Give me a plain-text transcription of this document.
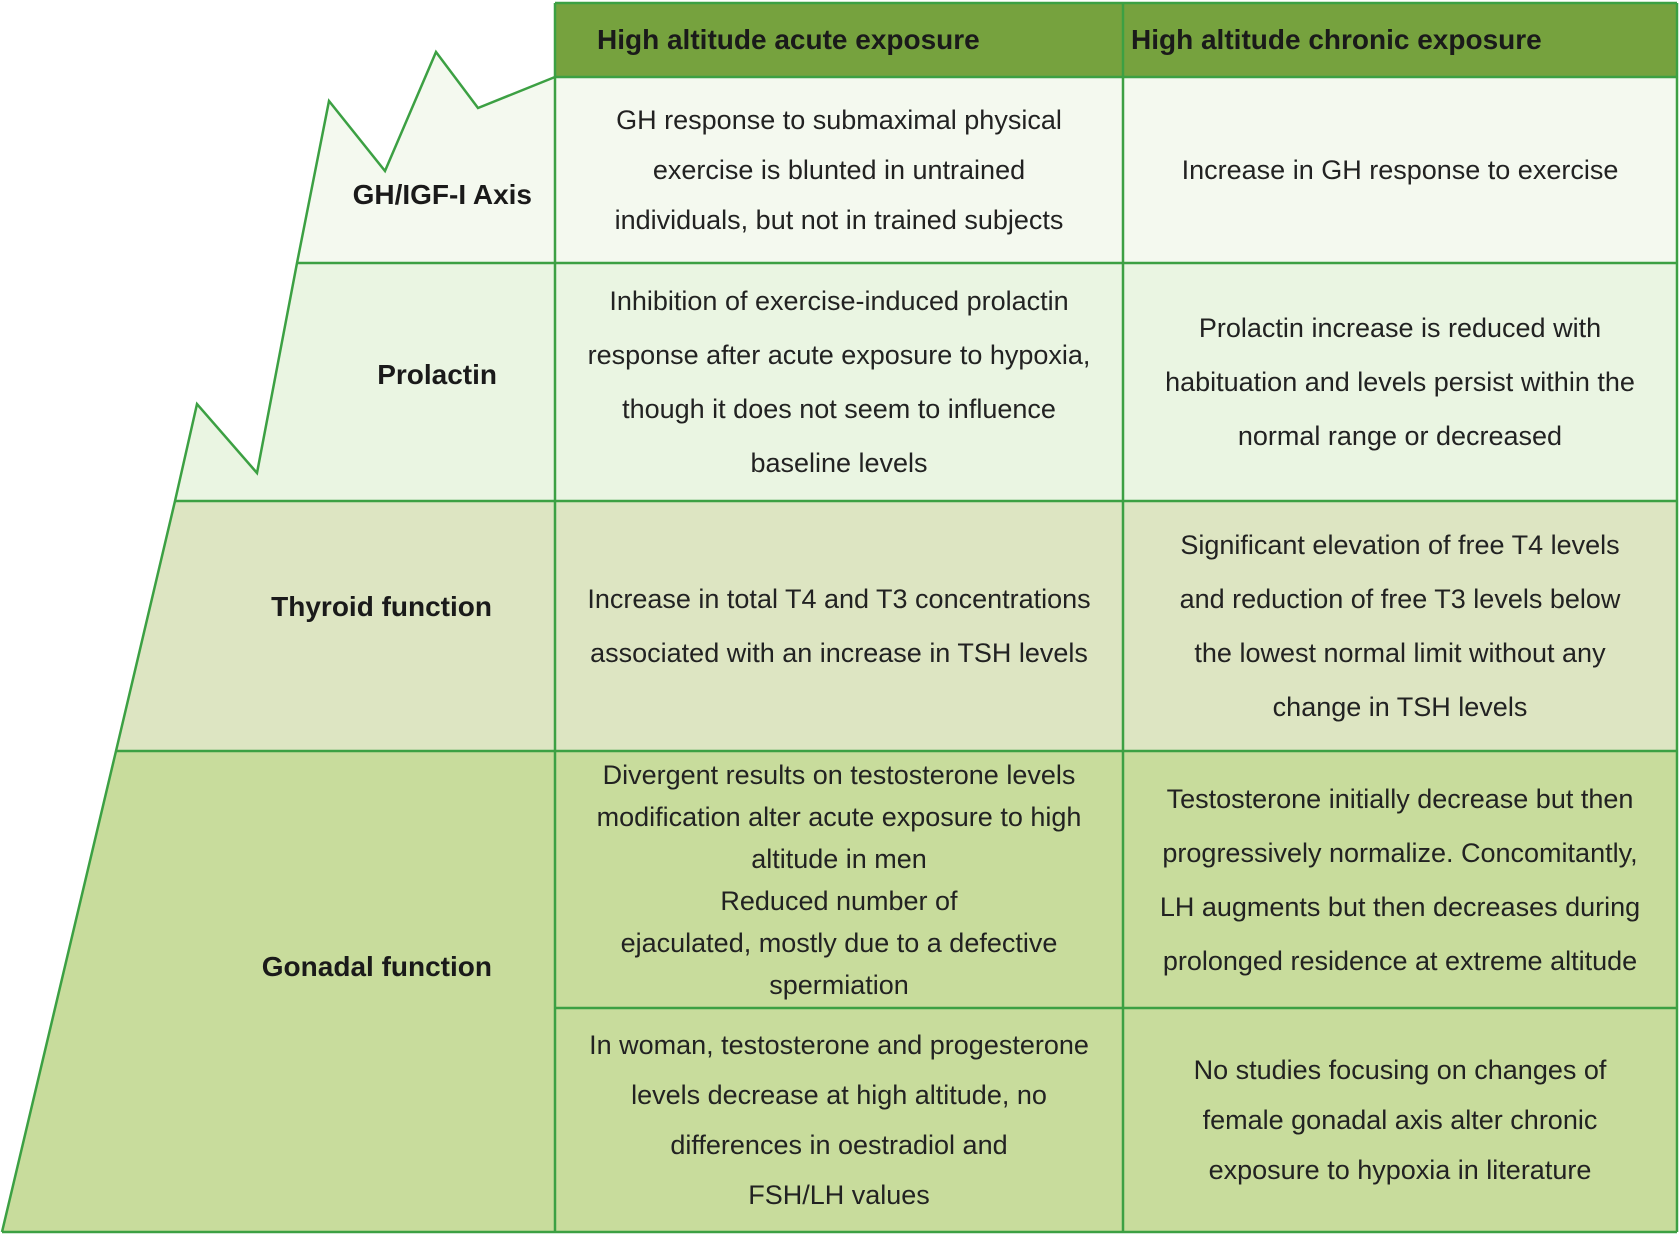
High altitude acute exposure	High altitude chronic exposure
GH/IGF-I Axis
Prolactin
Thyroid function
Gonadal function
GH response to submaximal physical
exercise is blunted in untrained
individuals, but not in trained subjects
Increase in GH response to exercise
Inhibition of exercise-induced prolactin
response after acute exposure to hypoxia,
though it does not seem to influence
baseline levels
Prolactin increase is reduced with
habituation and levels persist within the
normal range or decreased
Increase in total T4 and T3 concentrations
associated with an increase in TSH levels
Significant elevation of free T4 levels
and reduction of free T3 levels below
the lowest normal limit without any
change in TSH levels
Divergent results on testosterone levels
modification alter acute exposure to high
altitude in men
Reduced number of
ejaculated, mostly due to a defective
spermiation
Testosterone initially decrease but then
progressively normalize. Concomitantly,
LH augments but then decreases during
prolonged residence at extreme altitude
In woman, testosterone and progesterone
levels decrease at high altitude, no
differences in oestradiol and
FSH/LH values
No studies focusing on changes of
female gonadal axis alter chronic
exposure to hypoxia in literature
